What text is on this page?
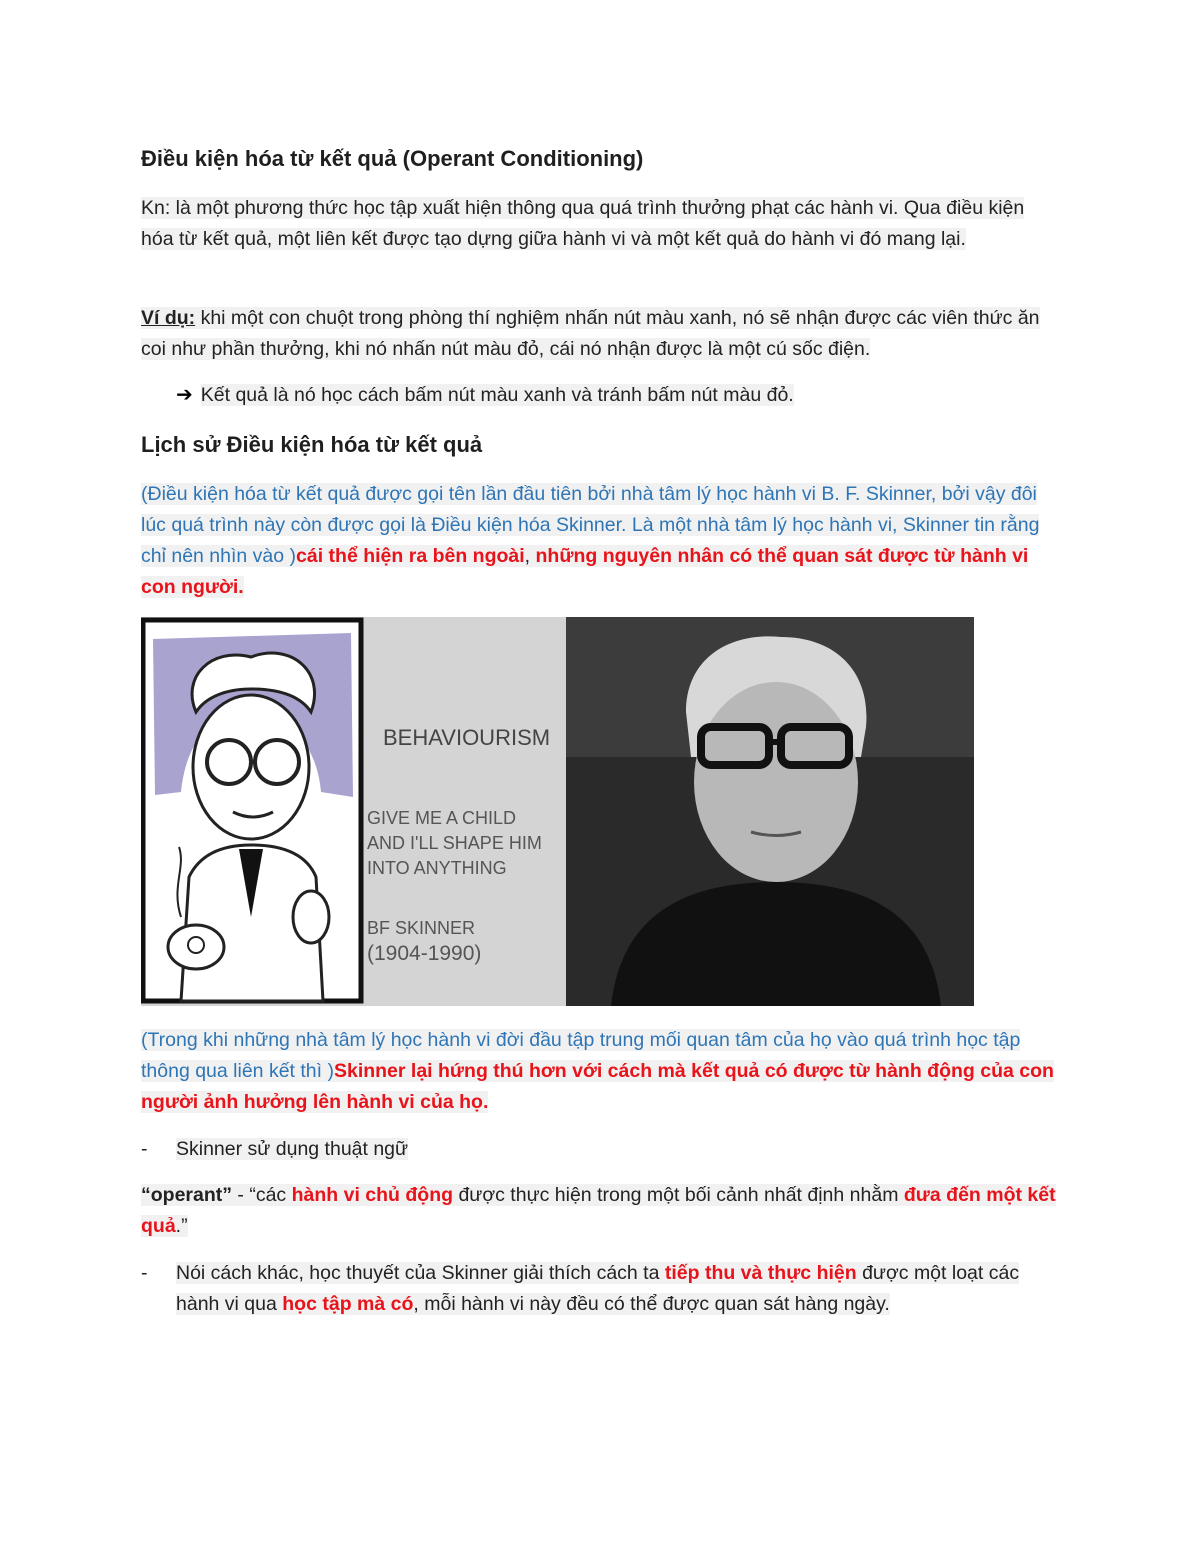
Điều kiện hóa từ kết quả (Operant Conditioning)
Kn: là một phương thức học tập xuất hiện thông qua quá trình thưởng phạt các hành vi. Qua điều kiện hóa từ kết quả, một liên kết được tạo dựng giữa hành vi và một kết quả do hành vi đó mang lại.
Ví dụ: khi một con chuột trong phòng thí nghiệm nhấn nút màu xanh, nó sẽ nhận được các viên thức ăn coi như phần thưởng, khi nó nhấn nút màu đỏ, cái nó nhận được là một cú sốc điện.
➔ Kết quả là nó học cách bấm nút màu xanh và tránh bấm nút màu đỏ.
Lịch sử Điều kiện hóa từ kết quả
(Điều kiện hóa từ kết quả được gọi tên lần đầu tiên bởi nhà tâm lý học hành vi B. F. Skinner, bởi vậy đôi lúc quá trình này còn được gọi là Điều kiện hóa Skinner. Là một nhà tâm lý học hành vi, Skinner tin rằng chỉ nên nhìn vào )cái thể hiện ra bên ngoài, những nguyên nhân có thể quan sát được từ hành vi con người.
BEHAVIOURISM
GIVE ME A CHILD
AND I'LL SHAPE HIM
INTO ANYTHING
BF SKINNER
(1904-1990)
(Trong khi những nhà tâm lý học hành vi đời đầu tập trung mối quan tâm của họ vào quá trình học tập thông qua liên kết thì )Skinner lại hứng thú hơn với cách mà kết quả có được từ hành động của con người ảnh hưởng lên hành vi của họ.
- Skinner sử dụng thuật ngữ
“operant” - “các hành vi chủ động được thực hiện trong một bối cảnh nhất định nhằm đưa đến một kết quả.”
- Nói cách khác, học thuyết của Skinner giải thích cách ta tiếp thu và thực hiện được một loạt các hành vi qua học tập mà có, mỗi hành vi này đều có thể được quan sát hàng ngày.
